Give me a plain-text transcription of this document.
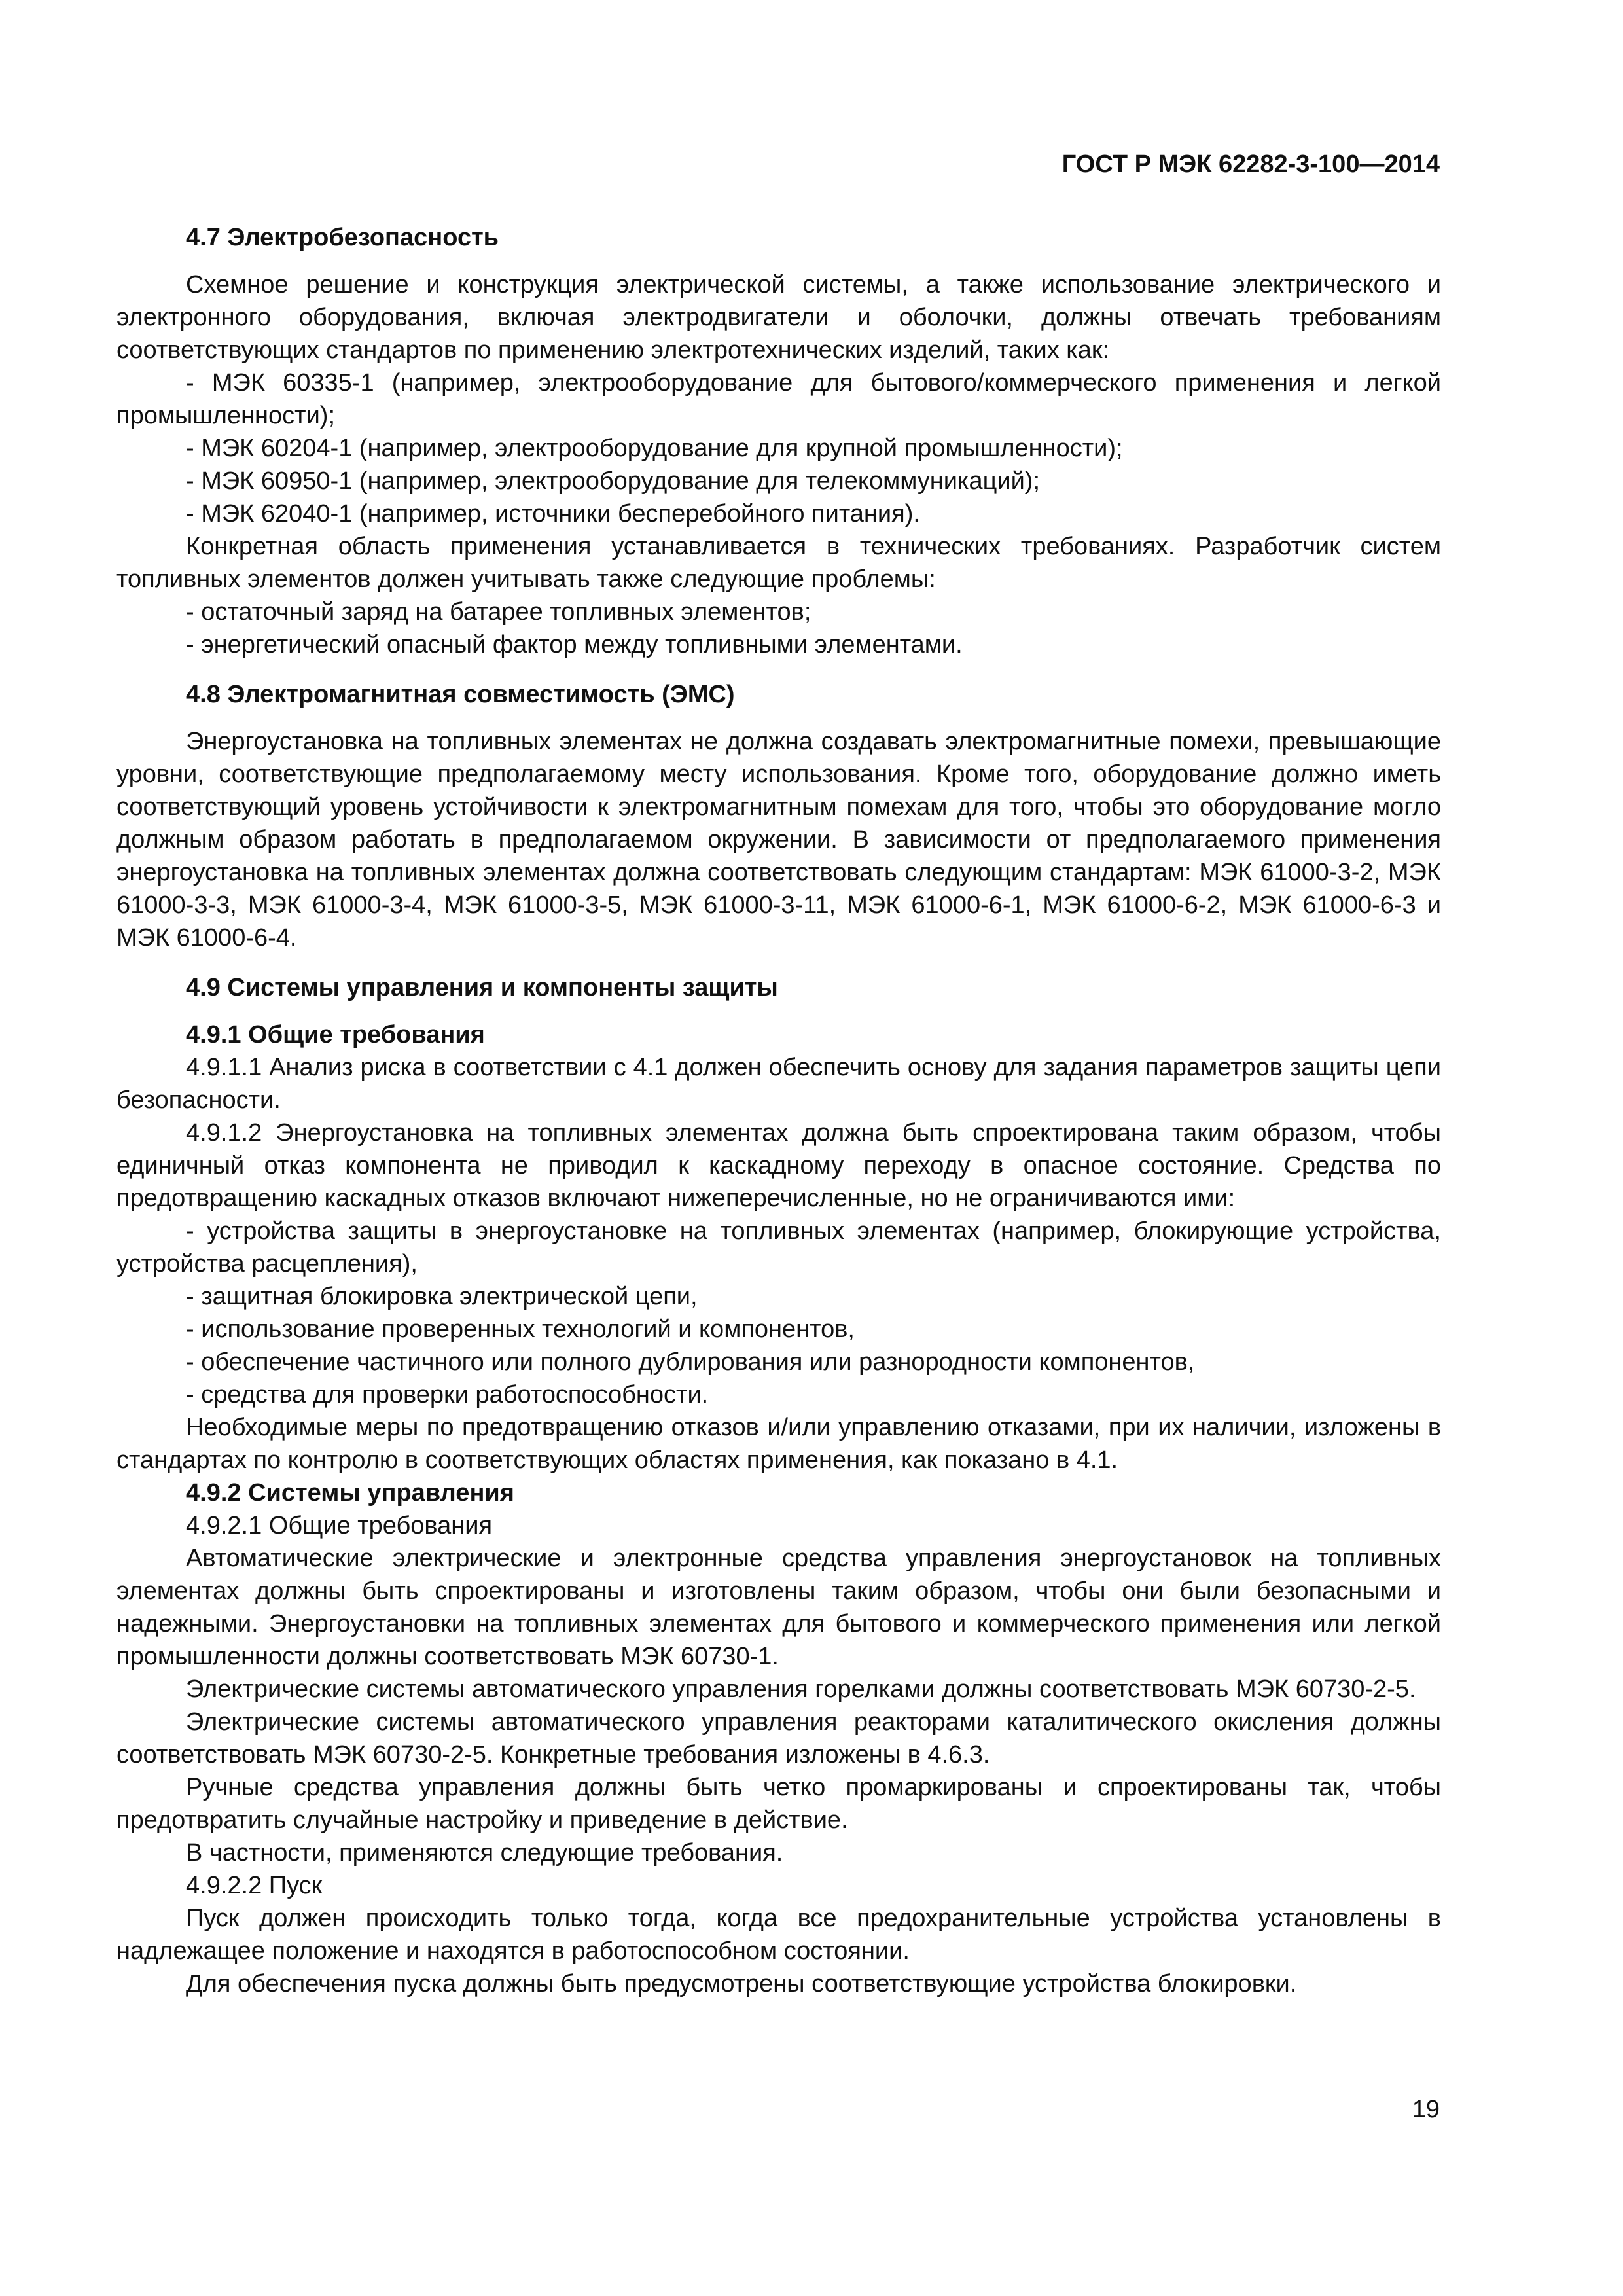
ГОСТ Р МЭК 62282-3-100—2014

4.7 Электробезопасность

Схемное решение и конструкция электрической системы, а также использование электрического и электронного оборудования, включая электродвигатели и оболочки, должны отвечать требованиям соответствующих стандартов по применению электротехнических изделий, таких как:

- МЭК 60335-1 (например, электрооборудование для бытового/коммерческого применения и легкой промышленности);

- МЭК 60204-1 (например, электрооборудование для крупной промышленности);

- МЭК 60950-1 (например, электрооборудование для телекоммуникаций);

- МЭК 62040-1 (например, источники бесперебойного питания).

Конкретная область применения устанавливается в технических требованиях. Разработчик систем топливных элементов должен учитывать также следующие проблемы:

- остаточный заряд на батарее топливных элементов;

- энергетический опасный фактор между топливными элементами.

4.8 Электромагнитная совместимость (ЭМС)

Энергоустановка на топливных элементах не должна создавать электромагнитные помехи, превышающие уровни, соответствующие предполагаемому месту использования. Кроме того, оборудование должно иметь соответствующий уровень устойчивости к электромагнитным помехам для того, чтобы это оборудование могло должным образом работать в предполагаемом окружении. В зависимости от предполагаемого применения энергоустановка на топливных элементах должна соответствовать следующим стандартам: МЭК 61000-3-2, МЭК 61000-3-3, МЭК 61000-3-4, МЭК 61000-3-5, МЭК 61000-3-11, МЭК 61000-6-1, МЭК 61000-6-2, МЭК 61000-6-3 и МЭК 61000-6-4.

4.9 Системы управления и компоненты защиты

4.9.1 Общие требования

4.9.1.1 Анализ риска в соответствии с 4.1 должен обеспечить основу для задания параметров защиты цепи безопасности.

4.9.1.2 Энергоустановка на топливных элементах должна быть спроектирована таким образом, чтобы единичный отказ компонента не приводил к каскадному переходу в опасное состояние. Средства по предотвращению каскадных отказов включают нижеперечисленные, но не ограничиваются ими:

- устройства защиты в энергоустановке на топливных элементах (например, блокирующие устройства, устройства расцепления),

- защитная блокировка электрической цепи,

- использование проверенных технологий и компонентов,

- обеспечение частичного или полного дублирования или разнородности компонентов,

- средства для проверки работоспособности.

Необходимые меры по предотвращению отказов и/или управлению отказами, при их наличии, изложены в стандартах по контролю в соответствующих областях применения, как показано в 4.1.

4.9.2 Системы управления

4.9.2.1 Общие требования

Автоматические электрические и электронные средства управления энергоустановок на топливных элементах должны быть спроектированы и изготовлены таким образом, чтобы они были безопасными и надежными. Энергоустановки на топливных элементах для бытового и коммерческого применения или легкой промышленности должны соответствовать МЭК 60730-1.

Электрические системы автоматического управления горелками должны соответствовать МЭК 60730-2-5.

Электрические системы автоматического управления реакторами каталитического окисления должны соответствовать МЭК 60730-2-5. Конкретные требования изложены в 4.6.3.

Ручные средства управления должны быть четко промаркированы и спроектированы так, чтобы предотвратить случайные настройку и приведение в действие.

В частности, применяются следующие требования.

4.9.2.2 Пуск

Пуск должен происходить только тогда, когда все предохранительные устройства установлены в надлежащее положение и находятся в работоспособном состоянии.

Для обеспечения пуска должны быть предусмотрены соответствующие устройства блокировки.

19
